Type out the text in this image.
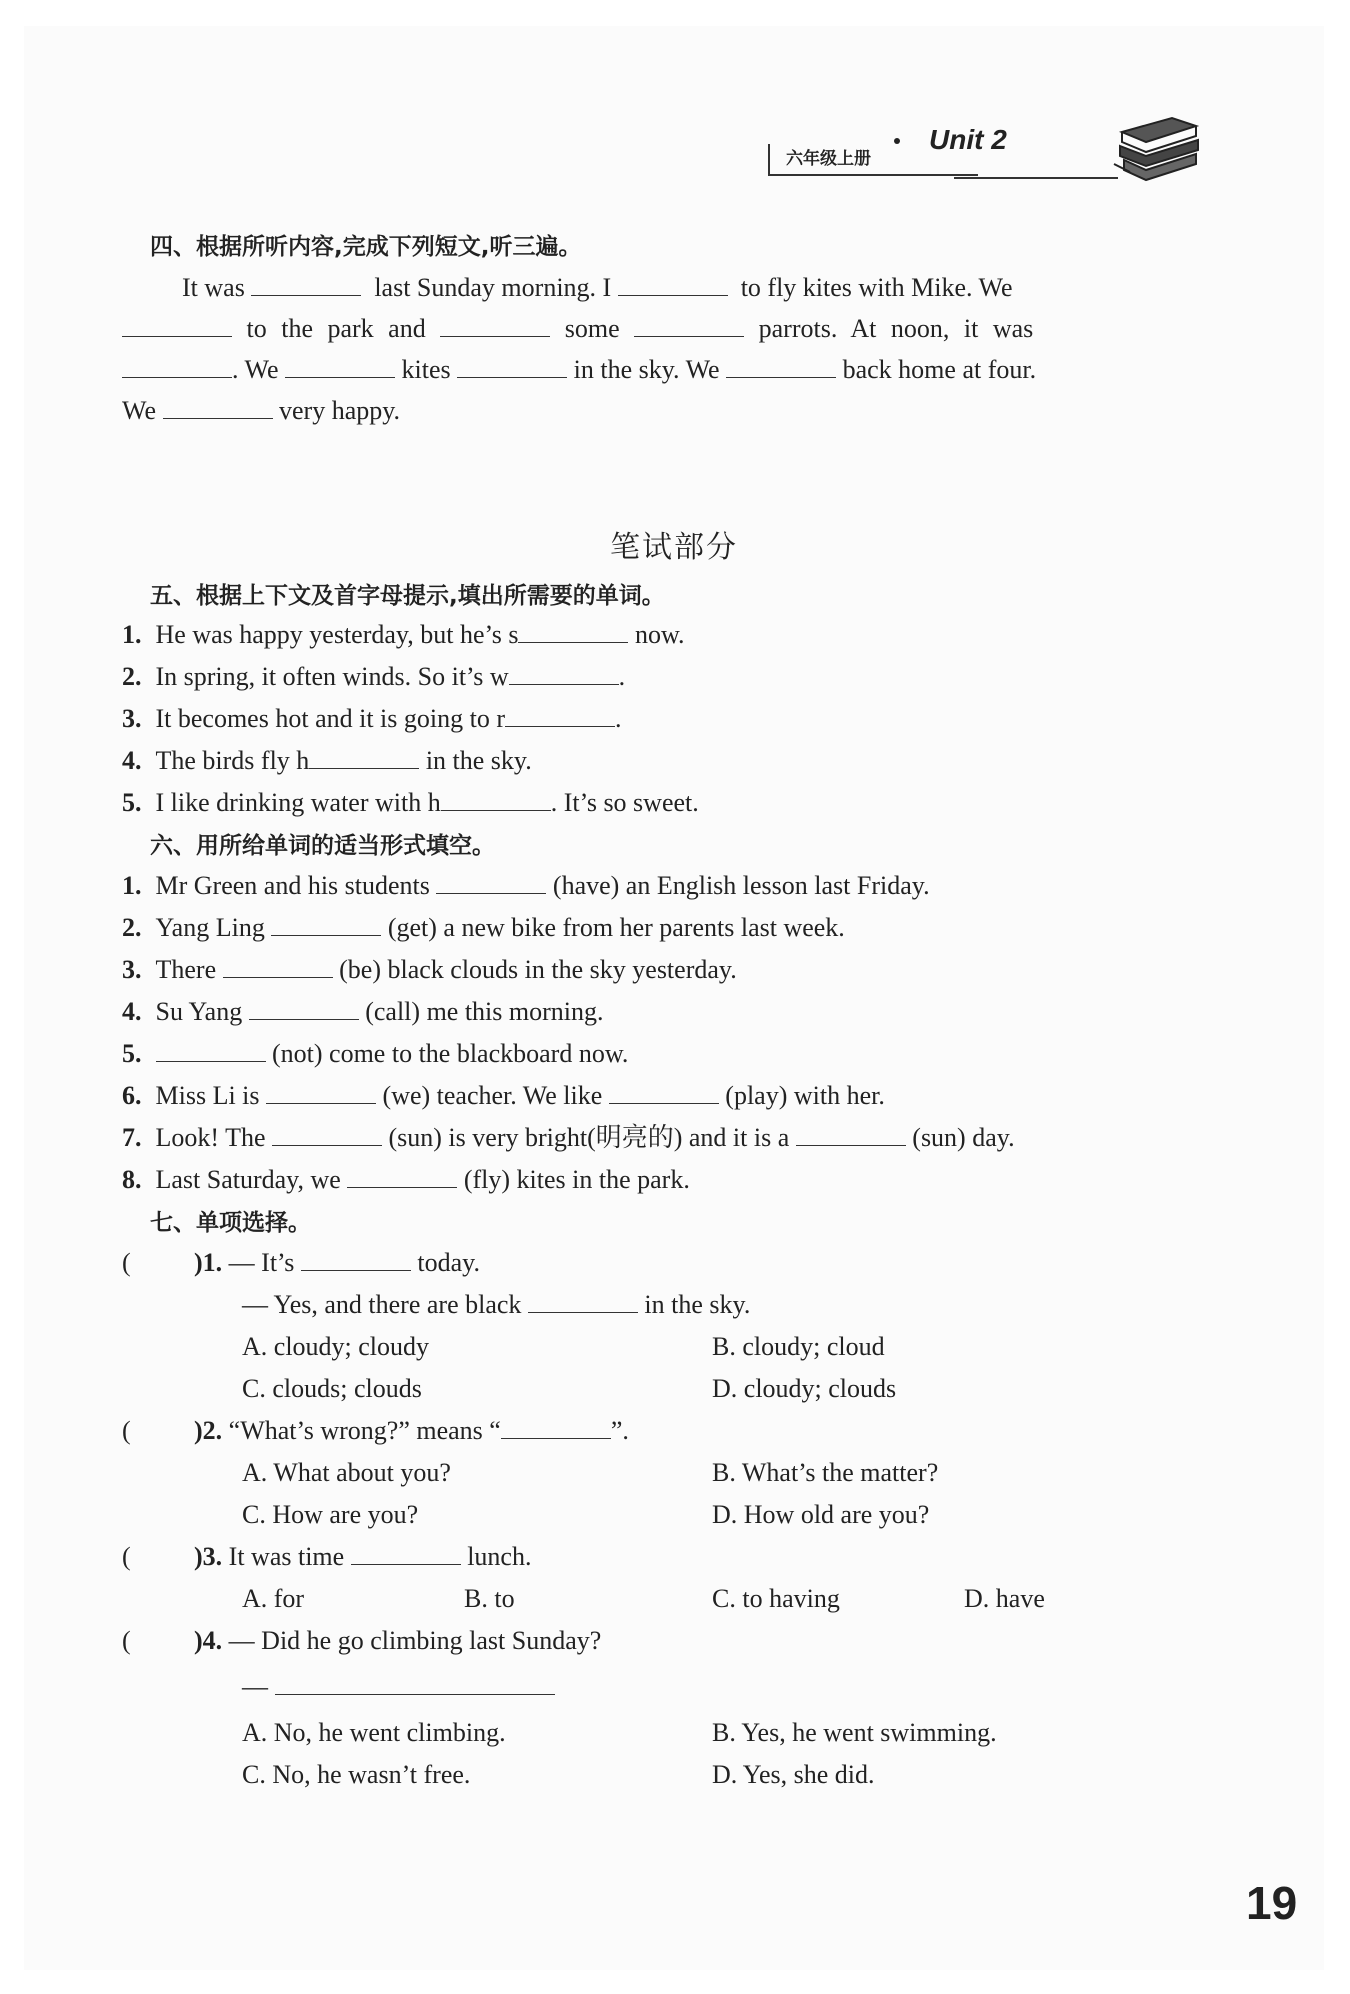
Unit 2
六年级上册
四、根据所听内容,完成下列短文,听三遍。
It was	last Sunday morning. I	to fly kites with Mike. We
to the park and	some	parrots. At noon, it was
. We	kites	in the sky. We	back home at four.
We	very happy.
笔试部分
五、根据上下文及首字母提示,填出所需要的单词。
1. He was happy yesterday, but he’s s	now.
2. In spring, it often winds. So it’s w	.
3. It becomes hot and it is going to r	.
4. The birds fly h	in the sky.
5. I like drinking water with h	. It’s so sweet.
六、用所给单词的适当形式填空。
1. Mr Green and his students	(have) an English lesson last Friday.
2. Yang Ling	(get) a new bike from her parents last week.
3. There	(be) black clouds in the sky yesterday.
4. Su Yang	(call) me this morning.
5.	(not) come to the blackboard now.
6. Miss Li is	(we) teacher. We like	(play) with her.
7. Look! The	(sun) is very bright(明亮的) and it is a	(sun) day.
8. Last Saturday, we	(fly) kites in the park.
七、单项选择。
( )1. — It’s	today.
— Yes, and there are black	in the sky.
A. cloudy; cloudy	B. cloudy; cloud
C. clouds; clouds	D. cloudy; clouds
( )2. “What’s wrong?” means “	”.
A. What about you?	B. What’s the matter?
C. How are you?	D. How old are you?
( )3. It was time	lunch.
A. for	B. to	C. to having	D. have
( )4. — Did he go climbing last Sunday?
—
A. No, he went climbing.	B. Yes, he went swimming.
C. No, he wasn’t free.	D. Yes, she did.
19
